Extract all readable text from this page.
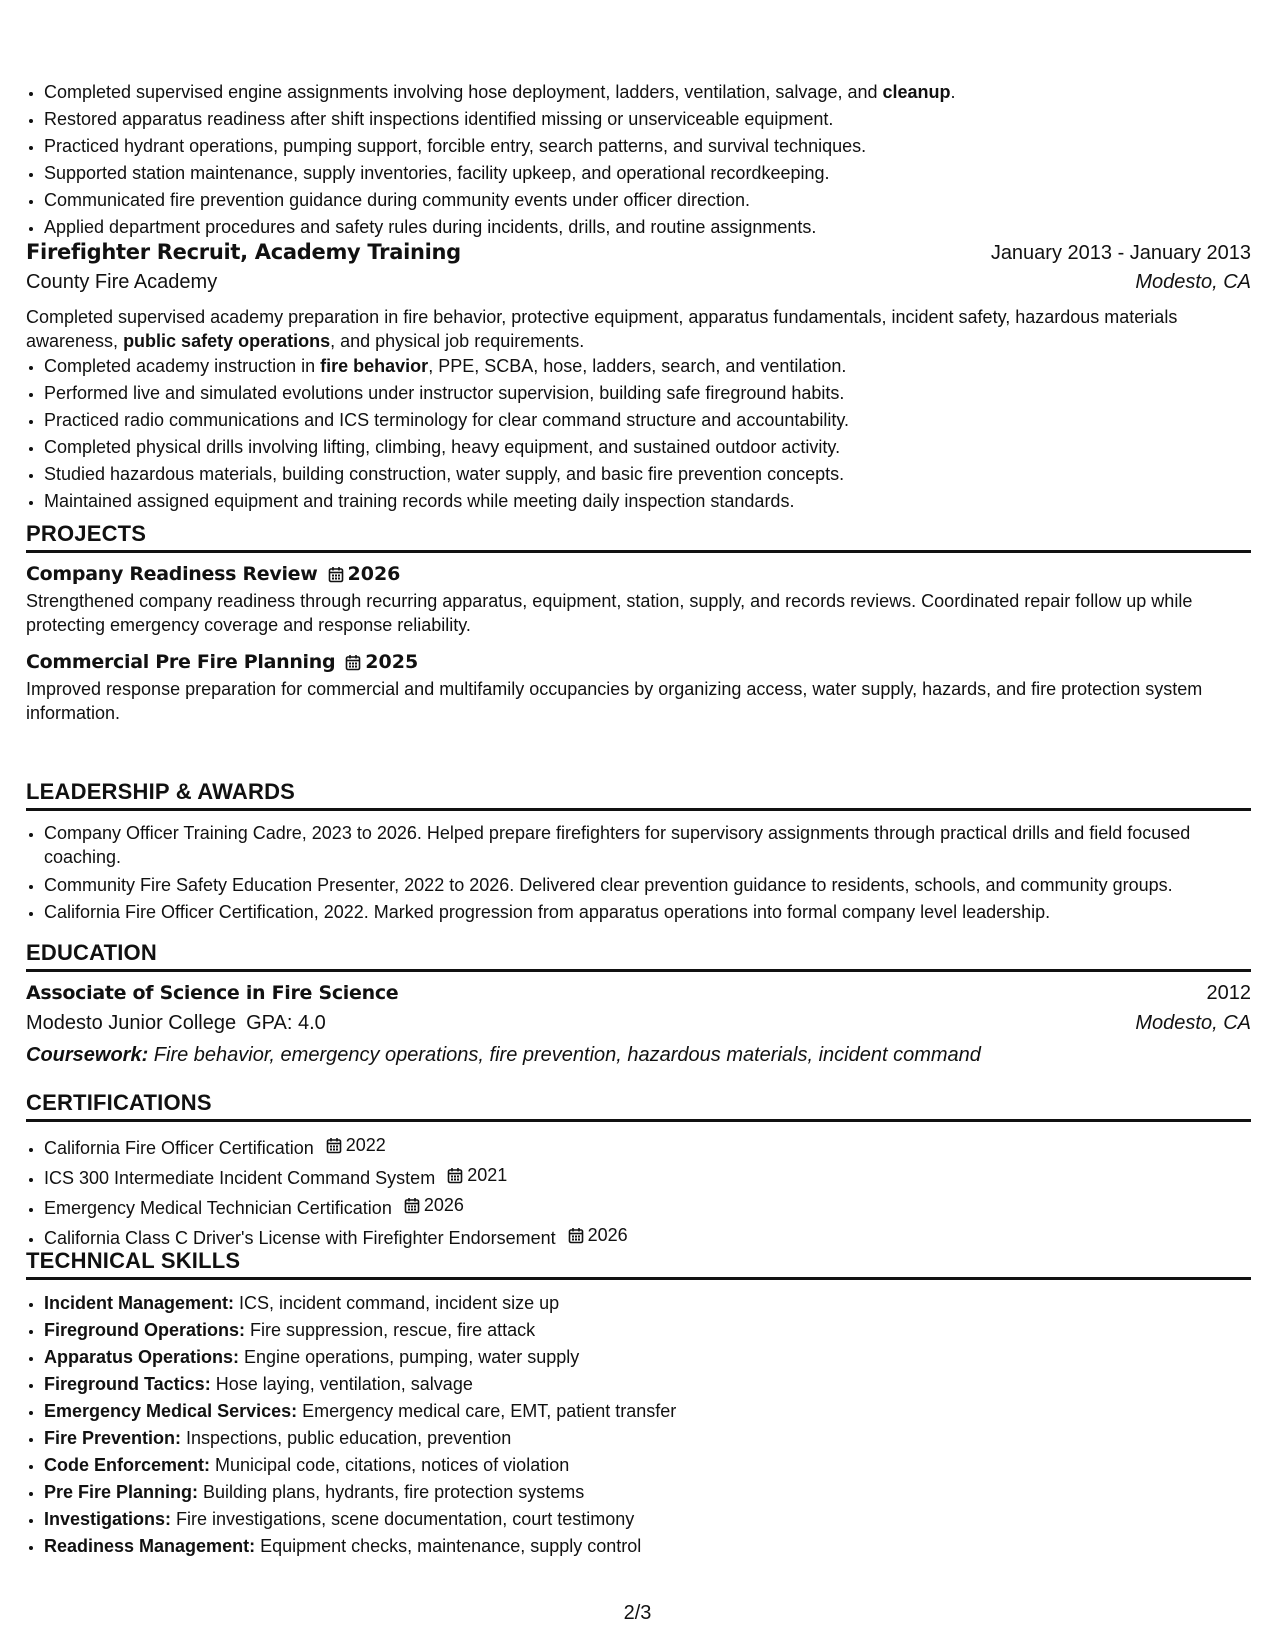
• Completed supervised engine assignments involving hose deployment, ladders, ventilation, salvage, and cleanup.
• Restored apparatus readiness after shift inspections identified missing or unserviceable equipment.
• Practiced hydrant operations, pumping support, forcible entry, search patterns, and survival techniques.
• Supported station maintenance, supply inventories, facility upkeep, and operational recordkeeping.
• Communicated fire prevention guidance during community events under officer direction.
• Applied department procedures and safety rules during incidents, drills, and routine assignments.
Firefighter Recruit, Academy Training	January 2013 - January 2013
County Fire Academy	Modesto, CA
Completed supervised academy preparation in fire behavior, protective equipment, apparatus fundamentals, incident safety, hazardous materials awareness, public safety operations, and physical job requirements.
• Completed academy instruction in fire behavior, PPE, SCBA, hose, ladders, search, and ventilation.
• Performed live and simulated evolutions under instructor supervision, building safe fireground habits.
• Practiced radio communications and ICS terminology for clear command structure and accountability.
• Completed physical drills involving lifting, climbing, heavy equipment, and sustained outdoor activity.
• Studied hazardous materials, building construction, water supply, and basic fire prevention concepts.
• Maintained assigned equipment and training records while meeting daily inspection standards.
PROJECTS
Company Readiness Review 2026
Strengthened company readiness through recurring apparatus, equipment, station, supply, and records reviews. Coordinated repair follow up while protecting emergency coverage and response reliability.
Commercial Pre Fire Planning 2025
Improved response preparation for commercial and multifamily occupancies by organizing access, water supply, hazards, and fire protection system information.
LEADERSHIP & AWARDS
• Company Officer Training Cadre, 2023 to 2026. Helped prepare firefighters for supervisory assignments through practical drills and field focused coaching.
• Community Fire Safety Education Presenter, 2022 to 2026. Delivered clear prevention guidance to residents, schools, and community groups.
• California Fire Officer Certification, 2022. Marked progression from apparatus operations into formal company level leadership.
EDUCATION
Associate of Science in Fire Science	2012
Modesto Junior College GPA: 4.0	Modesto, CA
Coursework: Fire behavior, emergency operations, fire prevention, hazardous materials, incident command
CERTIFICATIONS
• California Fire Officer Certification 2022
• ICS 300 Intermediate Incident Command System 2021
• Emergency Medical Technician Certification 2026
• California Class C Driver's License with Firefighter Endorsement 2026
TECHNICAL SKILLS
• Incident Management: ICS, incident command, incident size up
• Fireground Operations: Fire suppression, rescue, fire attack
• Apparatus Operations: Engine operations, pumping, water supply
• Fireground Tactics: Hose laying, ventilation, salvage
• Emergency Medical Services: Emergency medical care, EMT, patient transfer
• Fire Prevention: Inspections, public education, prevention
• Code Enforcement: Municipal code, citations, notices of violation
• Pre Fire Planning: Building plans, hydrants, fire protection systems
• Investigations: Fire investigations, scene documentation, court testimony
• Readiness Management: Equipment checks, maintenance, supply control
2/3
